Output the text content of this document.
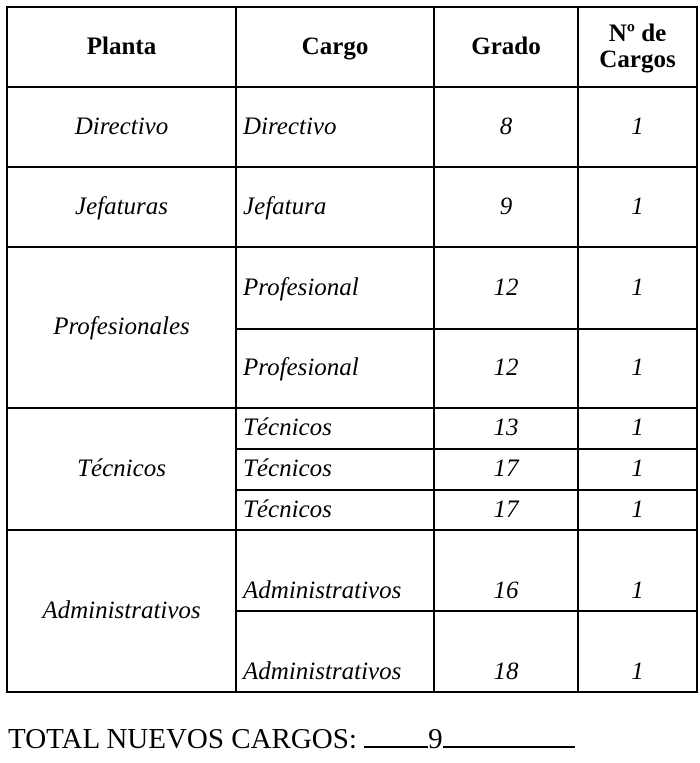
Planta	Cargo	Grado	Nº de
Cargos
Directivo	Directivo	8	1
Jefaturas	Jefatura	9	1
Profesionales	Profesional	12	1
	Profesional	12	1
Técnicos	Técnicos	13	1
	Técnicos	17	1
	Técnicos	17	1
Administrativos	Administrativos	16	1
	Administrativos	18	1
TOTAL NUEVOS CARGOS: 9
